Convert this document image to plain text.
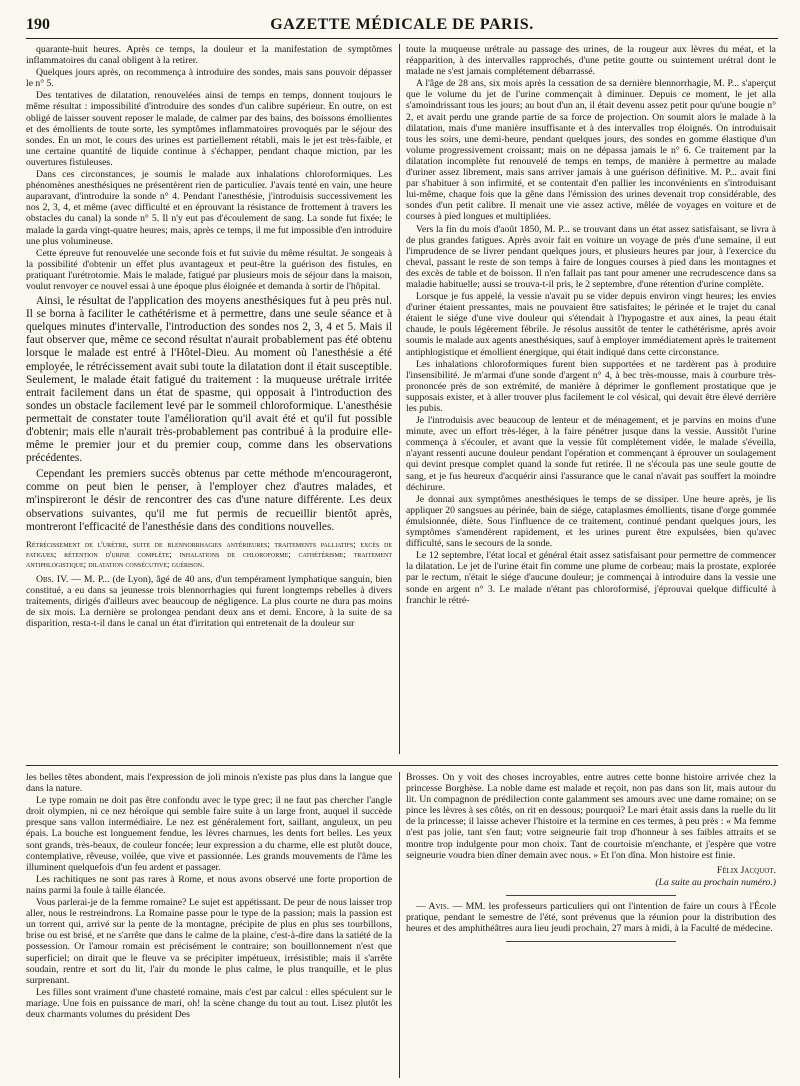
190	GAZETTE MÉDICALE DE PARIS.

quarante-huit heures. Après ce temps, la douleur et la manifestation de symptômes inflammatoires du canal obligent à la retirer.

Quelques jours après, on recommença à introduire des sondes, mais sans pouvoir dépasser le n° 5.

Des tentatives de dilatation, renouvelées ainsi de temps en temps, donnent toujours le même résultat : impossibilité d'introduire des sondes d'un calibre supérieur. En outre, on est obligé de laisser souvent reposer le malade, de calmer par des bains, des boissons émollientes et des émollients de toute sorte, les symptômes inflammatoires provoqués par le séjour des sondes. En un mot, le cours des urines est partiellement rétabli, mais le jet est très-faible, et une certaine quantité de liquide continue à s'échapper, pendant chaque miction, par les ouvertures fistuleuses.

Dans ces circonstances, je soumis le malade aux inhalations chloroformiques. Les phénomènes anesthésiques ne présentèrent rien de particulier. J'avais tenté en vain, une heure auparavant, d'introduire la sonde n° 4. Pendant l'anesthésie, j'introduisis successivement les nos 2, 3, 4, et même (avec difficulté et en éprouvant la résistance de frottement à travers les obstacles du canal) la sonde n° 5. Il n'y eut pas d'écoulement de sang. La sonde fut fixée; le malade la garda vingt-quatre heures; mais, après ce temps, il me fut impossible d'en introduire une plus volumineuse.

Cette épreuve fut renouvelée une seconde fois et fut suivie du même résultat. Je songeais à la possibilité d'obtenir un effet plus avantageux et peut-être la guérison des fistules, en pratiquant l'urétrotomie. Mais le malade, fatigué par plusieurs mois de séjour dans la maison, voulut renvoyer ce nouvel essai à une époque plus éloignée et demanda à sortir de l'hôpital.

Ainsi, le résultat de l'application des moyens anesthésiques fut à peu près nul. Il se borna à faciliter le cathétérisme et à permettre, dans une seule séance et à quelques minutes d'intervalle, l'introduction des sondes nos 2, 3, 4 et 5. Mais il faut observer que, même ce second résultat n'aurait probablement pas été obtenu lorsque le malade est entré à l'Hôtel-Dieu. Au moment où l'anesthésie a été employée, le rétrécissement avait subi toute la dilatation dont il était susceptible. Seulement, le malade était fatigué du traitement : la muqueuse urétrale irritée entrait facilement dans un état de spasme, qui opposait à l'introduction des sondes un obstacle facilement levé par le sommeil chloroformique. L'anesthésie permettait de constater toute l'amélioration qu'il avait été et qu'il fut possible d'obtenir; mais elle n'aurait très-probablement pas contribué à la produire elle-même le premier jour et du premier coup, comme dans les observations précédentes.

Cependant les premiers succès obtenus par cette méthode m'encourageront, comme on peut bien le penser, à l'employer chez d'autres malades, et m'inspireront le désir de rencontrer des cas d'une nature différente. Les deux observations suivantes, qu'il me fut permis de recueillir bientôt après, montreront l'efficacité de l'anesthésie dans des conditions nouvelles.

Rétrécissement de l'urètre, suite de blennorrhagies antérieures; traitements palliatifs; excès de fatigues; rétention d'urine complète; inhalations de chloroforme; cathétérisme; traitement antiphlogistique; dilatation consécutive; guérison.

Obs. IV. — M. P... (de Lyon), âgé de 40 ans, d'un tempérament lymphatique sanguin, bien constitué, a eu dans sa jeunesse trois blennorrhagies qui furent longtemps rebelles à divers traitements, dirigés d'ailleurs avec beaucoup de négligence. La plus courte ne dura pas moins de six mois. La dernière se prolongea pendant deux ans et demi. Encore, à la suite de sa disparition, resta-t-il dans le canal un état d'irritation qui entretenait de la douleur sur

toute la muqueuse urétrale au passage des urines, de la rougeur aux lèvres du méat, et la réapparition, à des intervalles rapprochés, d'une petite goutte ou suintement urétral dont le malade ne s'est jamais complétement débarrassé.

A l'âge de 28 ans, six mois après la cessation de sa dernière blennorrhagie, M. P... s'aperçut que le volume du jet de l'urine commençait à diminuer. Depuis ce moment, le jet alla s'amoindrissant tous les jours; au bout d'un an, il était devenu assez petit pour qu'une bougie n° 2, et avait perdu une grande partie de sa force de projection. On soumit alors le malade à la dilatation, mais d'une manière insuffisante et à des intervalles trop éloignés. On introduisait tous les soirs, une demi-heure, pendant quelques jours, des sondes en gomme élastique d'un volume progressivement croissant; mais on ne dépassa jamais le n° 6. Ce traitement par la dilatation incomplète fut renouvelé de temps en temps, de manière à permettre au malade d'uriner assez librement, mais sans arriver jamais à une guérison définitive. M. P... avait fini par s'habituer à son infirmité, et se contentait d'en pallier les inconvénients en s'introduisant lui-même, chaque fois que la gêne dans l'émission des urines devenait trop considérable, des sondes d'un petit calibre. Il menait une vie assez active, mêlée de voyages en voiture et de courses à pied longues et multipliées.

Vers la fin du mois d'août 1850, M. P... se trouvant dans un état assez satisfaisant, se livra à de plus grandes fatigues. Après avoir fait en voiture un voyage de près d'une semaine, il eut l'imprudence de se livrer pendant quelques jours, et plusieurs heures par jour, à l'exercice du cheval, passant le reste de son temps à faire de longues courses à pied dans les montagnes et des excès de table et de boisson. Il n'en fallait pas tant pour amener une recrudescence dans sa maladie habituelle; aussi se trouva-t-il pris, le 2 septembre, d'une rétention d'urine complète.

Lorsque je fus appelé, la vessie n'avait pu se vider depuis environ vingt heures; les envies d'uriner étaient pressantes, mais ne pouvaient être satisfaites; le périnée et le trajet du canal étaient le siége d'une vive douleur qui s'étendait à l'hypogastre et aux aines, la peau était chaude, le pouls légèrement fébrile. Je résolus aussitôt de tenter le cathétérisme, après avoir soumis le malade aux agents anesthésiques, sauf à employer immédiatement après le traitement antiphlogistique et émollient énergique, qui était indiqué dans cette circonstance.

Les inhalations chloroformiques furent bien supportées et ne tardèrent pas à produire l'insensibilité. Je m'armai d'une sonde d'argent n° 4, à bec très-mousse, mais à courbure très-prononcée près de son extrémité, de manière à déprimer le gonflement prostatique que je supposais exister, et à aller trouver plus facilement le col vésical, qui devait être élevé derrière les pubis.

Je l'introduisis avec beaucoup de lenteur et de ménagement, et je parvins en moins d'une minute, avec un effort très-léger, à la faire pénétrer jusque dans la vessie. Aussitôt l'urine commença à s'écouler, et avant que la vessie fût complétement vidée, le malade s'éveilla, n'ayant ressenti aucune douleur pendant l'opération et commençant à éprouver un soulagement qui devint presque complet quand la sonde fut retirée. Il ne s'écoula pas une seule goutte de sang, et je fus heureux d'acquérir ainsi l'assurance que le canal n'avait pas souffert la moindre déchirure.

Je donnai aux symptômes anesthésiques le temps de se dissiper. Une heure après, je lis appliquer 20 sangsues au périnée, bain de siége, cataplasmes émollients, tisane d'orge gommée émulsionnée, diète. Sous l'influence de ce traitement, continué pendant quelques jours, les symptômes s'amendèrent rapidement, et les urines purent être expulsées, bien qu'avec difficulté, sans le secours de la sonde.

Le 12 septembre, l'état local et général était assez satisfaisant pour permettre de commencer la dilatation. Le jet de l'urine était fin comme une plume de corbeau; mais la prostate, explorée par le rectum, n'était le siége d'aucune douleur; je commençai à introduire dans la vessie une sonde en argent n° 3. Le malade n'étant pas chloroformisé, j'éprouvai quelque difficulté à franchir le rétré-

les belles têtes abondent, mais l'expression de joli minois n'existe pas plus dans la langue que dans la nature.

Le type romain ne doit pas être confondu avec le type grec; il ne faut pas chercher l'angle droit olympien, ni ce nez héroïque qui semble faire suite à un large front, auquel il succède presque sans vallon intermédiaire. Le nez est généralement fort, saillant, anguleux, un peu épais. La bouche est longuement fendue, les lèvres charnues, les dents fort belles. Les yeux sont grands, très-beaux, de couleur foncée; leur expression a du charme, elle est plutôt douce, contemplative, rêveuse, voilée, que vive et passionnée. Les grands mouvements de l'âme les illuminent quelquefois d'un feu ardent et passager.

Les rachitiques ne sont pas rares à Rome, et nous avons observé une forte proportion de nains parmi la foule à taille élancée.

Vous parlerai-je de la femme romaine? Le sujet est appétissant. De peur de nous laisser trop aller, nous le restreindrons. La Romaine passe pour le type de la passion; mais la passion est un torrent qui, arrivé sur la pente de la montagne, précipite de plus en plus ses tourbillons, brise ou est brisé, et ne s'arrête que dans le calme de la plaine, c'est-à-dire dans la satiété de la possession. Or l'amour romain est précisément le contraire; son bouillonnement n'est que superficiel; on dirait que le fleuve va se précipiter impétueux, irrésistible; mais il s'arrête soudain, rentre et sort du lit, l'air du monde le plus calme, le plus tranquille, et le plus surprenant.

Les filles sont vraiment d'une chasteté romaine, mais c'est par calcul : elles spéculent sur le mariage. Une fois en puissance de mari, oh! la scène change du tout au tout. Lisez plutôt les deux charmants volumes du président Des

Brosses. On y voit des choses incroyables, entre autres cette bonne histoire arrivée chez la princesse Borghèse. La noble dame est malade et reçoit, non pas dans son lit, mais autour du lit. Un compagnon de prédilection conte galamment ses amours avec une dame romaine; on se pince les lèvres à ses côtés, on rit en dessous; pourquoi? Le mari était assis dans la ruelle du lit de la princesse; il laisse achever l'histoire et la termine en ces termes, à peu près : « Ma femme n'est pas jolie, tant s'en faut; votre seigneurie fait trop d'honneur à ses faibles attraits et se montre trop indulgente pour mon choix. Tant de courtoisie m'enchante, et j'espère que votre seigneurie voudra bien dîner demain avec nous. » Et l'on dîna. Mon histoire est finie.

Félix Jacquot.

(La suite au prochain numéro.)

— Avis. — MM. les professeurs particuliers qui ont l'intention de faire un cours à l'École pratique, pendant le semestre de l'été, sont prévenus que la réunion pour la distribution des heures et des amphithéâtres aura lieu jeudi prochain, 27 mars à midi, à la Faculté de médecine.
